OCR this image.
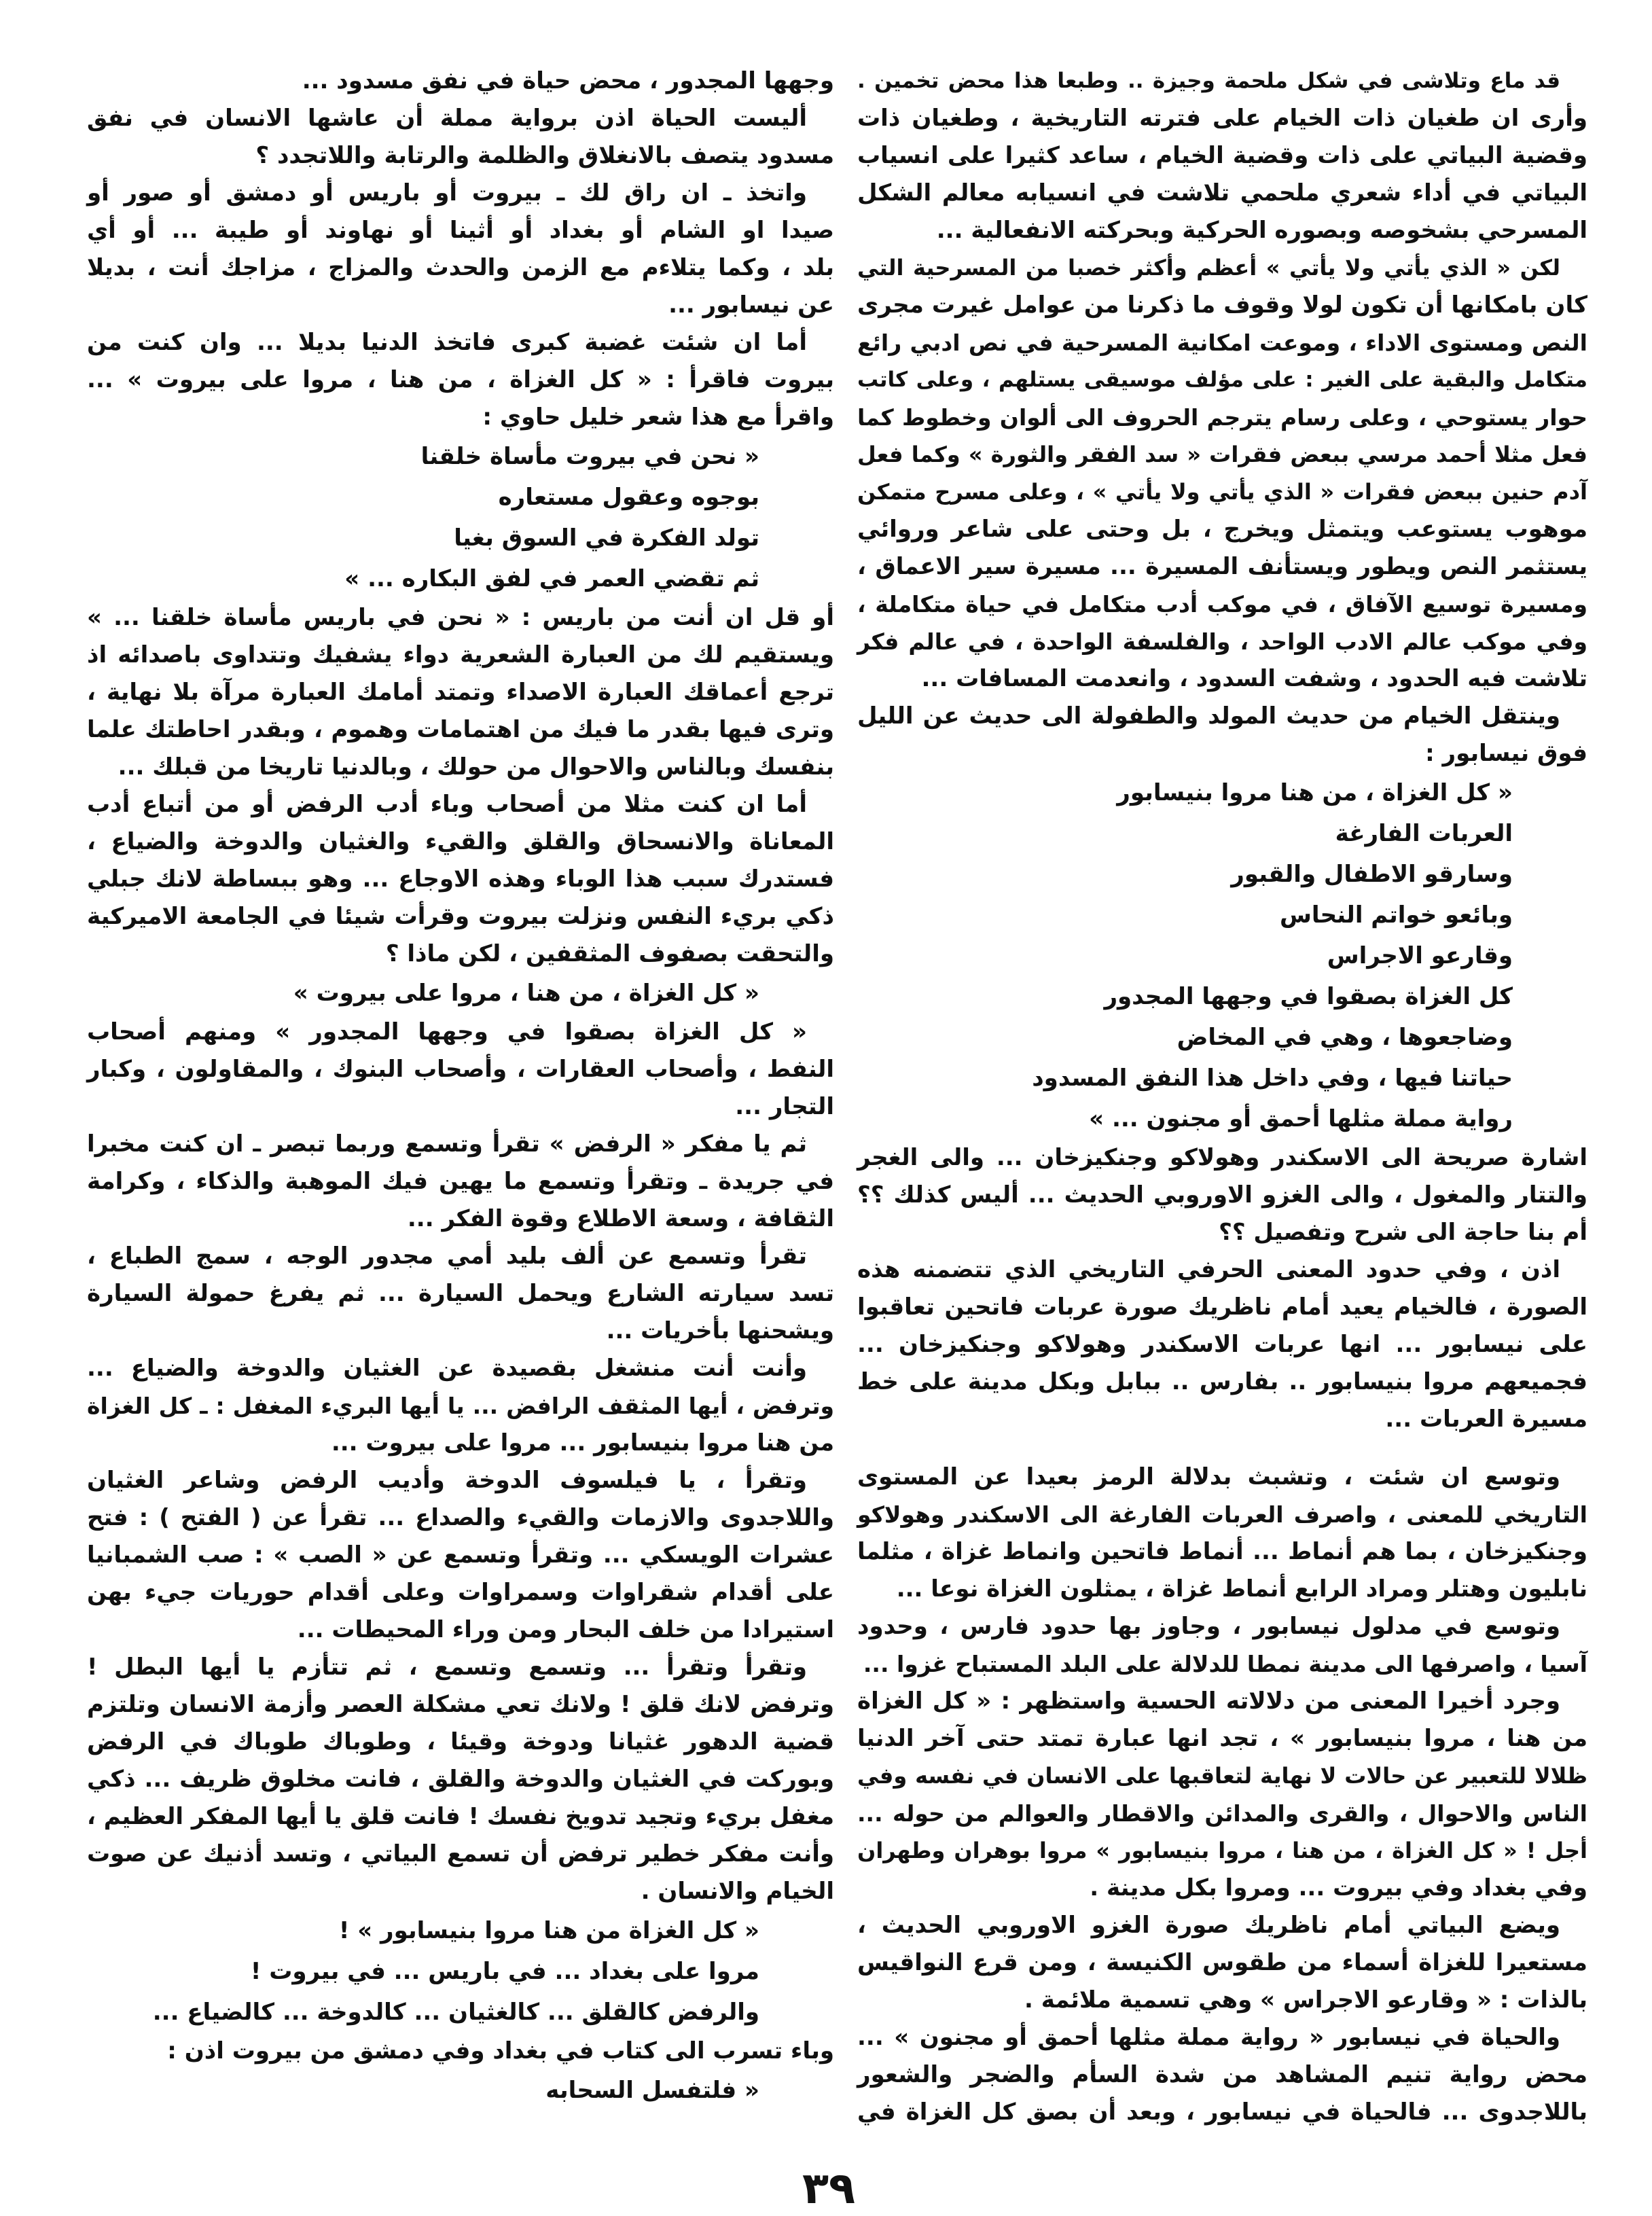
قد ماع وتلاشى في شكل ملحمة وجيزة .. وطبعا هذا محض تخمين .
وأرى ان طغيان ذات الخيام على فترته التاريخية ، وطغيان ذات
وقضية البياتي على ذات وقضية الخيام ، ساعد كثيرا على انسياب
البياتي في أداء شعري ملحمي تلاشت في انسيابه معالم الشكل
المسرحي بشخوصه وبصوره الحركية وبحركته الانفعالية ...
لكن « الذي يأتي ولا يأتي » أعظم وأكثر خصبا من المسرحية التي
كان بامكانها أن تكون لولا وقوف ما ذكرنا من عوامل غيرت مجرى
النص ومستوى الاداء ، وموعت امكانية المسرحية في نص ادبي رائع
متكامل والبقية على الغير : على مؤلف موسيقى يستلهم ، وعلى كاتب
حوار يستوحي ، وعلى رسام يترجم الحروف الى ألوان وخطوط كما
فعل مثلا أحمد مرسي ببعض فقرات « سد الفقر والثورة » وكما فعل
آدم حنين ببعض فقرات « الذي يأتي ولا يأتي » ، وعلى مسرح متمكن
موهوب يستوعب ويتمثل ويخرج ، بل وحتى على شاعر وروائي
يستثمر النص ويطور ويستأنف المسيرة ... مسيرة سير الاعماق ،
ومسيرة توسيع الآفاق ، في موكب أدب متكامل في حياة متكاملة ،
وفي موكب عالم الادب الواحد ، والفلسفة الواحدة ، في عالم فكر
تلاشت فيه الحدود ، وشفت السدود ، وانعدمت المسافات ...
وينتقل الخيام من حديث المولد والطفولة الى حديث عن الليل
فوق نيسابور :
« كل الغزاة ، من هنا مروا بنيسابور
العربات الفارغة
وسارقو الاطفال والقبور
وبائعو خواتم النحاس
وقارعو الاجراس
كل الغزاة بصقوا في وجهها المجدور
وضاجعوها ، وهي في المخاض
حياتنا فيها ، وفي داخل هذا النفق المسدود
رواية مملة مثلها أحمق أو مجنون ... »
اشارة صريحة الى الاسكندر وهولاكو وجنكيزخان ... والى الغجر
والتتار والمغول ، والى الغزو الاوروبي الحديث ... أليس كذلك ؟؟
أم بنا حاجة الى شرح وتفصيل ؟؟
اذن ، وفي حدود المعنى الحرفي التاريخي الذي تتضمنه هذه
الصورة ، فالخيام يعيد أمام ناظريك صورة عربات فاتحين تعاقبوا
على نيسابور ... انها عربات الاسكندر وهولاكو وجنكيزخان ...
فجميعهم مروا بنيسابور .. بفارس .. ببابل وبكل مدينة على خط
مسيرة العربات ...
وتوسع ان شئت ، وتشبث بدلالة الرمز بعيدا عن المستوى
التاريخي للمعنى ، واصرف العربات الفارغة الى الاسكندر وهولاكو
وجنكيزخان ، بما هم أنماط ... أنماط فاتحين وانماط غزاة ، مثلما
نابليون وهتلر ومراد الرابع أنماط غزاة ، يمثلون الغزاة نوعا ...
وتوسع في مدلول نيسابور ، وجاوز بها حدود فارس ، وحدود
آسيا ، واصرفها الى مدينة نمطا للدلالة على البلد المستباح غزوا ...
وجرد أخيرا المعنى من دلالاته الحسية واستظهر : « كل الغزاة
من هنا ، مروا بنيسابور » ، تجد انها عبارة تمتد حتى آخر الدنيا
ظلالا للتعبير عن حالات لا نهاية لتعاقبها على الانسان في نفسه وفي
الناس والاحوال ، والقرى والمدائن والاقطار والعوالم من حوله ...
أجل ! « كل الغزاة ، من هنا ، مروا بنيسابور » مروا بوهران وطهران
وفي بغداد وفي بيروت ... ومروا بكل مدينة .
ويضع البياتي أمام ناظريك صورة الغزو الاوروبي الحديث ،
مستعيرا للغزاة أسماء من طقوس الكنيسة ، ومن قرع النواقيس
بالذات : « وقارعو الاجراس » وهي تسمية ملائمة .
والحياة في نيسابور « رواية مملة مثلها أحمق أو مجنون » ...
محض رواية تنيم المشاهد من شدة السأم والضجر والشعور
باللاجدوى ... فالحياة في نيسابور ، وبعد أن بصق كل الغزاة في
وجهها المجدور ، محض حياة في نفق مسدود ...
أليست الحياة اذن برواية مملة أن عاشها الانسان في نفق
مسدود يتصف بالانغلاق والظلمة والرتابة واللاتجدد ؟
واتخذ ـ ان راق لك ـ بيروت أو باريس أو دمشق أو صور أو
صيدا او الشام أو بغداد أو أثينا أو نهاوند أو طيبة ... أو أي
بلد ، وكما يتلاءم مع الزمن والحدث والمزاج ، مزاجك أنت ، بديلا
عن نيسابور ...
أما ان شئت غضبة كبرى فاتخذ الدنيا بديلا ... وان كنت من
بيروت فاقرأ : « كل الغزاة ، من هنا ، مروا على بيروت » ...
واقرأ مع هذا شعر خليل حاوي :
« نحن في بيروت مأساة خلقنا
بوجوه وعقول مستعاره
تولد الفكرة في السوق بغيا
ثم تقضي العمر في لفق البكاره ... »
أو قل ان أنت من باريس : « نحن في باريس مأساة خلقنا ... »
ويستقيم لك من العبارة الشعرية دواء يشفيك وتتداوى باصدائه اذ
ترجع أعماقك العبارة الاصداء وتمتد أمامك العبارة مرآة بلا نهاية ،
وترى فيها بقدر ما فيك من اهتمامات وهموم ، وبقدر احاطتك علما
بنفسك وبالناس والاحوال من حولك ، وبالدنيا تاريخا من قبلك ...
أما ان كنت مثلا من أصحاب وباء أدب الرفض أو من أتباع أدب
المعاناة والانسحاق والقلق والقيء والغثيان والدوخة والضياع ،
فستدرك سبب هذا الوباء وهذه الاوجاع ... وهو ببساطة لانك جبلي
ذكي بريء النفس ونزلت بيروت وقرأت شيئا في الجامعة الاميركية
والتحقت بصفوف المثقفين ، لكن ماذا ؟
« كل الغزاة ، من هنا ، مروا على بيروت »
« كل الغزاة بصقوا في وجهها المجدور » ومنهم أصحاب
النفط ، وأصحاب العقارات ، وأصحاب البنوك ، والمقاولون ، وكبار
التجار ...
ثم يا مفكر « الرفض » تقرأ وتسمع وربما تبصر ـ ان كنت مخبرا
في جريدة ـ وتقرأ وتسمع ما يهين فيك الموهبة والذكاء ، وكرامة
الثقافة ، وسعة الاطلاع وقوة الفكر ...
تقرأ وتسمع عن ألف بليد أمي مجدور الوجه ، سمج الطباع ،
تسد سيارته الشارع ويحمل السيارة ... ثم يفرغ حمولة السيارة
ويشحنها بأخريات ...
وأنت أنت منشغل بقصيدة عن الغثيان والدوخة والضياع ...
وترفض ، أيها المثقف الرافض ... يا أيها البريء المغفل : ـ كل الغزاة
من هنا مروا بنيسابور ... مروا على بيروت ...
وتقرأ ، يا فيلسوف الدوخة وأديب الرفض وشاعر الغثيان
واللاجدوى والازمات والقيء والصداع ... تقرأ عن ( الفتح ) : فتح
عشرات الويسكي ... وتقرأ وتسمع عن « الصب » : صب الشمبانيا
على أقدام شقراوات وسمراوات وعلى أقدام حوريات جيء بهن
استيرادا من خلف البحار ومن وراء المحيطات ...
وتقرأ وتقرأ ... وتسمع وتسمع ، ثم تتأزم يا أيها البطل !
وترفض لانك قلق ! ولانك تعي مشكلة العصر وأزمة الانسان وتلتزم
قضية الدهور غثيانا ودوخة وقيئا ، وطوباك طوباك في الرفض
وبوركت في الغثيان والدوخة والقلق ، فانت مخلوق ظريف ... ذكي
مغفل بريء وتجيد تدويخ نفسك ! فانت قلق يا أيها المفكر العظيم ،
وأنت مفكر خطير ترفض أن تسمع البياتي ، وتسد أذنيك عن صوت
الخيام والانسان .
« كل الغزاة من هنا مروا بنيسابور » !
مروا على بغداد ... في باريس ... في بيروت !
والرفض كالقلق ... كالغثيان ... كالدوخة ... كالضياع ...
وباء تسرب الى كتاب في بغداد وفي دمشق من بيروت اذن :
« فلتفسل السحابه
٣٩
